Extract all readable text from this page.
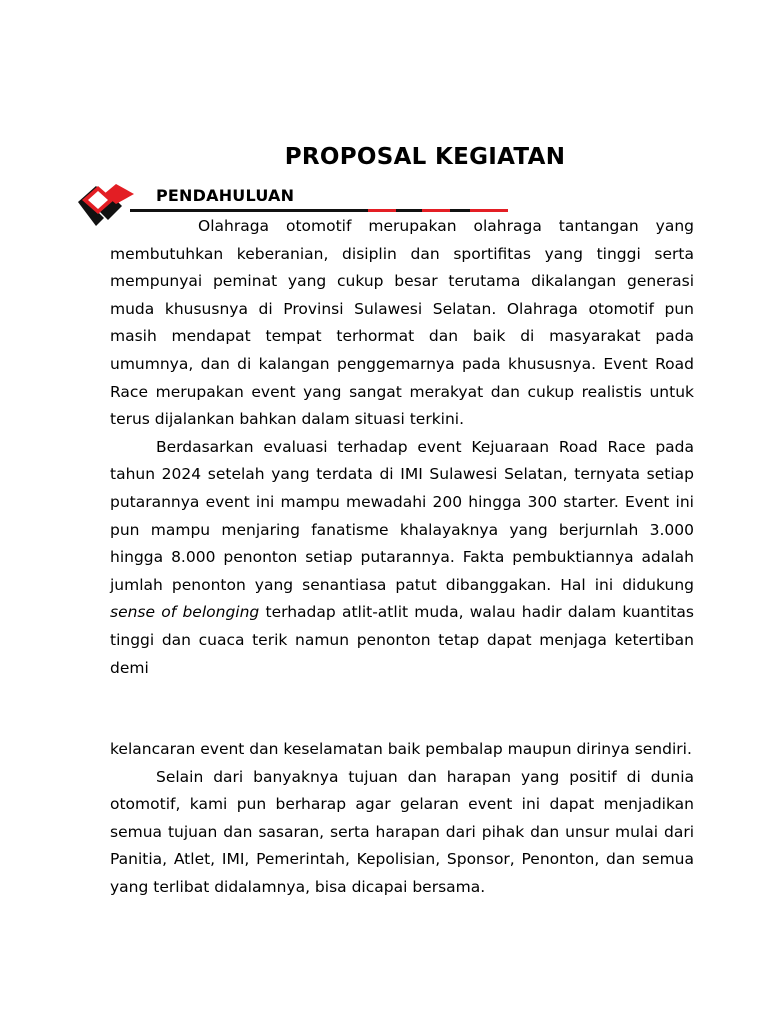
PROPOSAL KEGIATAN
PENDAHULUAN

Olahraga otomotif merupakan olahraga tantangan yang membutuhkan keberanian, disiplin dan sportifitas yang tinggi serta mempunyai peminat yang cukup besar terutama dikalangan generasi muda khususnya di Provinsi Sulawesi Selatan. Olahraga otomotif pun masih mendapat tempat terhormat dan baik di masyarakat pada umumnya, dan di kalangan penggemarnya pada khususnya. Event Road Race merupakan event yang sangat merakyat dan cukup realistis untuk terus dijalankan bahkan dalam situasi terkini.

Berdasarkan evaluasi terhadap event Kejuaraan Road Race pada tahun 2024 setelah yang terdata di IMI Sulawesi Selatan, ternyata setiap putarannya event ini mampu mewadahi 200 hingga 300 starter. Event ini pun mampu menjaring fanatisme khalayaknya yang berjurnlah 3.000 hingga 8.000 penonton setiap putarannya. Fakta pembuktiannya adalah jumlah penonton yang senantiasa patut dibanggakan. Hal ini didukung sense of belonging terhadap atlit-atlit muda, walau hadir dalam kuantitas tinggi dan cuaca terik namun penonton tetap dapat menjaga ketertiban demi

kelancaran event dan keselamatan baik pembalap maupun dirinya sendiri.

Selain dari banyaknya tujuan dan harapan yang positif di dunia otomotif, kami pun berharap agar gelaran event ini dapat menjadikan semua tujuan dan sasaran, serta harapan dari pihak dan unsur mulai dari Panitia, Atlet, IMI, Pemerintah, Kepolisian, Sponsor, Penonton, dan semua yang terlibat didalamnya, bisa dicapai bersama.
